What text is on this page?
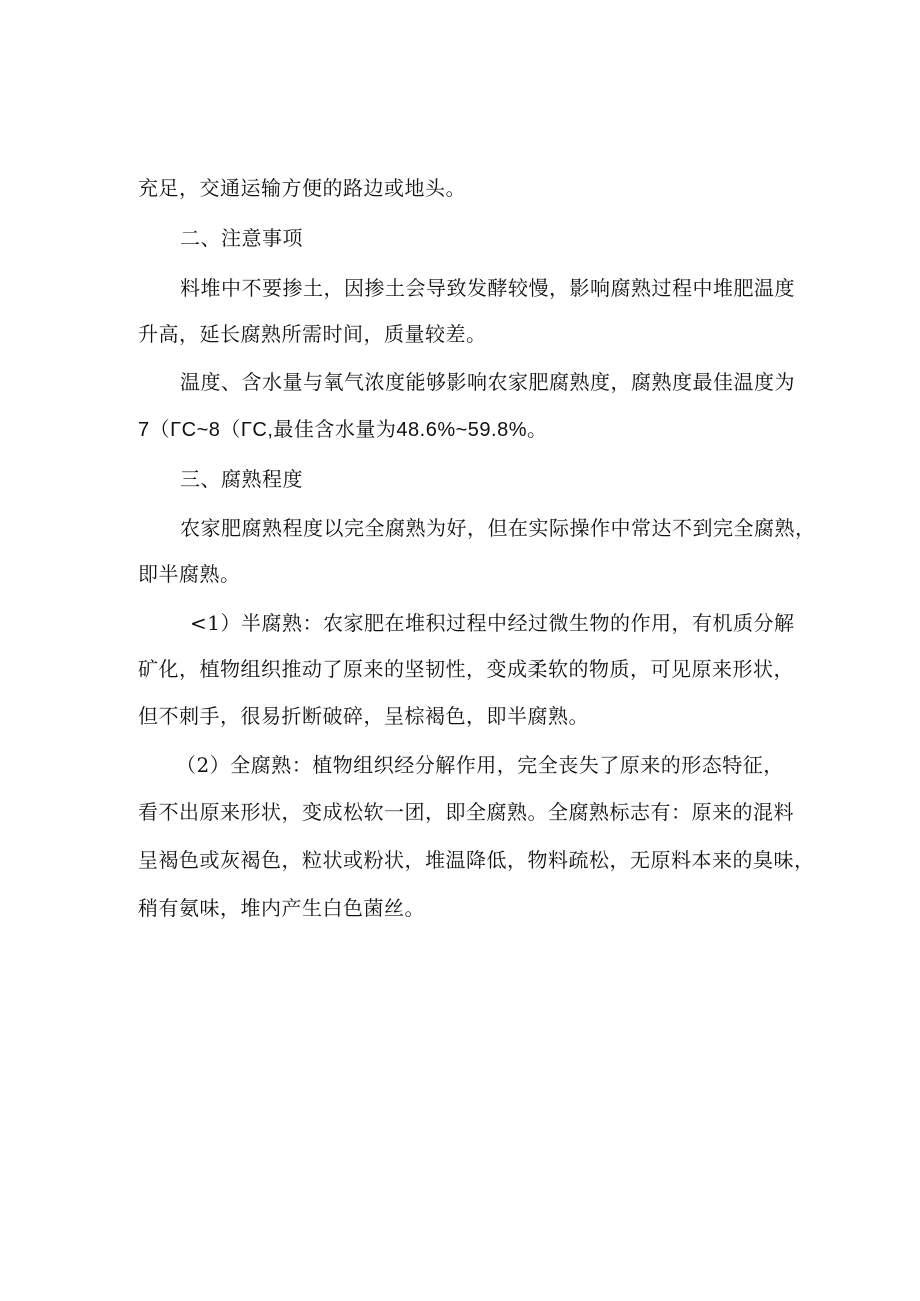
充足，交通运输方便的路边或地头。

二、注意事项

料堆中不要掺土，因掺土会导致发酵较慢，影响腐熟过程中堆肥温度

升高，延长腐熟所需时间，质量较差。

温度、含水量与氧气浓度能够影响农家肥腐熟度，腐熟度最佳温度为

7（ΓC~8（ΓC,最佳含水量为48.6%~59.8%。

三、腐熟程度

农家肥腐熟程度以完全腐熟为好，但在实际操作中常达不到完全腐熟，

即半腐熟。

<1）半腐熟：农家肥在堆积过程中经过微生物的作用，有机质分解

矿化，植物组织推动了原来的坚韧性，变成柔软的物质，可见原来形状，

但不刺手，很易折断破碎，呈棕褐色，即半腐熟。

（2）全腐熟：植物组织经分解作用，完全丧失了原来的形态特征，

看不出原来形状，变成松软一团，即全腐熟。全腐熟标志有：原来的混料

呈褐色或灰褐色，粒状或粉状，堆温降低，物料疏松，无原料本来的臭味，

稍有氨味，堆内产生白色菌丝。
